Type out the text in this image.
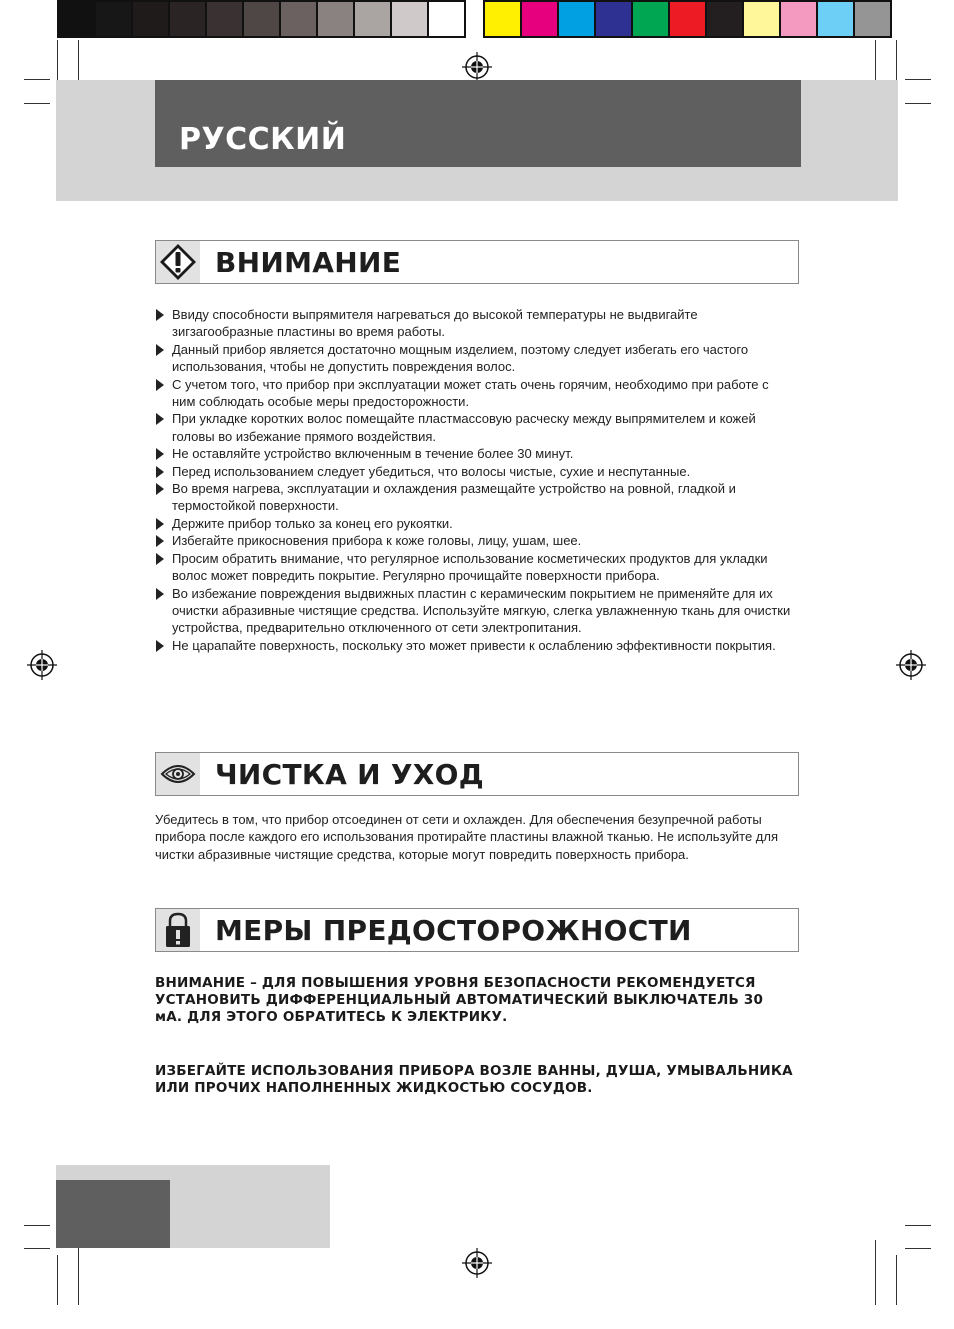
РУССКИЙ
ВНИМАНИЕ
Ввиду способности выпрямителя нагреваться до высокой температуры не выдвигайте зигзагообразные пластины во время работы.
Данный прибор является достаточно мощным изделием, поэтому следует избегать его частого использования, чтобы не допустить повреждения волос.
С учетом того, что прибор при эксплуатации может стать очень горячим, необходимо при работе с ним соблюдать особые меры предосторожности.
При укладке коротких волос помещайте пластмассовую расческу между выпрямителем и кожей головы во избежание прямого воздействия.
Не оставляйте устройство включенным в течение более 30 минут.
Перед использованием следует убедиться, что волосы чистые, сухие и неспутанные.
Во время нагрева, эксплуатации и охлаждения размещайте устройство на ровной, гладкой и термостойкой поверхности.
Держите прибор только за конец его рукоятки.
Избегайте прикосновения прибора к коже головы, лицу, ушам, шее.
Просим обратить внимание, что регулярное использование косметических продуктов для укладки волос может повредить покрытие. Регулярно прочищайте поверхности прибора.
Во избежание повреждения выдвижных пластин с керамическим покрытием не применяйте для их очистки абразивные чистящие средства. Используйте мягкую, слегка увлажненную ткань для очистки устройства, предварительно отключенного от сети электропитания.
Не царапайте поверхность, поскольку это может привести к ослаблению эффективности покрытия.
ЧИСТКА И УХОД

Убедитесь в том, что прибор отсоединен от сети и охлажден. Для обеспечения безупречной работы прибора после каждого его использования протирайте пластины влажной тканью. Не используйте для чистки абразивные чистящие средства, которые могут повредить поверхность прибора.

МЕРЫ ПРЕДОСТОРОЖНОСТИ

ВНИМАНИЕ – ДЛЯ ПОВЫШЕНИЯ УРОВНЯ БЕЗОПАСНОСТИ РЕКОМЕНДУЕТСЯ УСТАНОВИТЬ ДИФФЕРЕНЦИАЛЬНЫЙ АВТОМАТИЧЕСКИЙ ВЫКЛЮЧАТЕЛЬ 30 мА. ДЛЯ ЭТОГО ОБРАТИТЕСЬ К ЭЛЕКТРИКУ.

ИЗБЕГАЙТЕ ИСПОЛЬЗОВАНИЯ ПРИБОРА ВОЗЛЕ ВАННЫ, ДУША, УМЫВАЛЬНИКА ИЛИ ПРОЧИХ НАПОЛНЕННЫХ ЖИДКОСТЬЮ СОСУДОВ.
